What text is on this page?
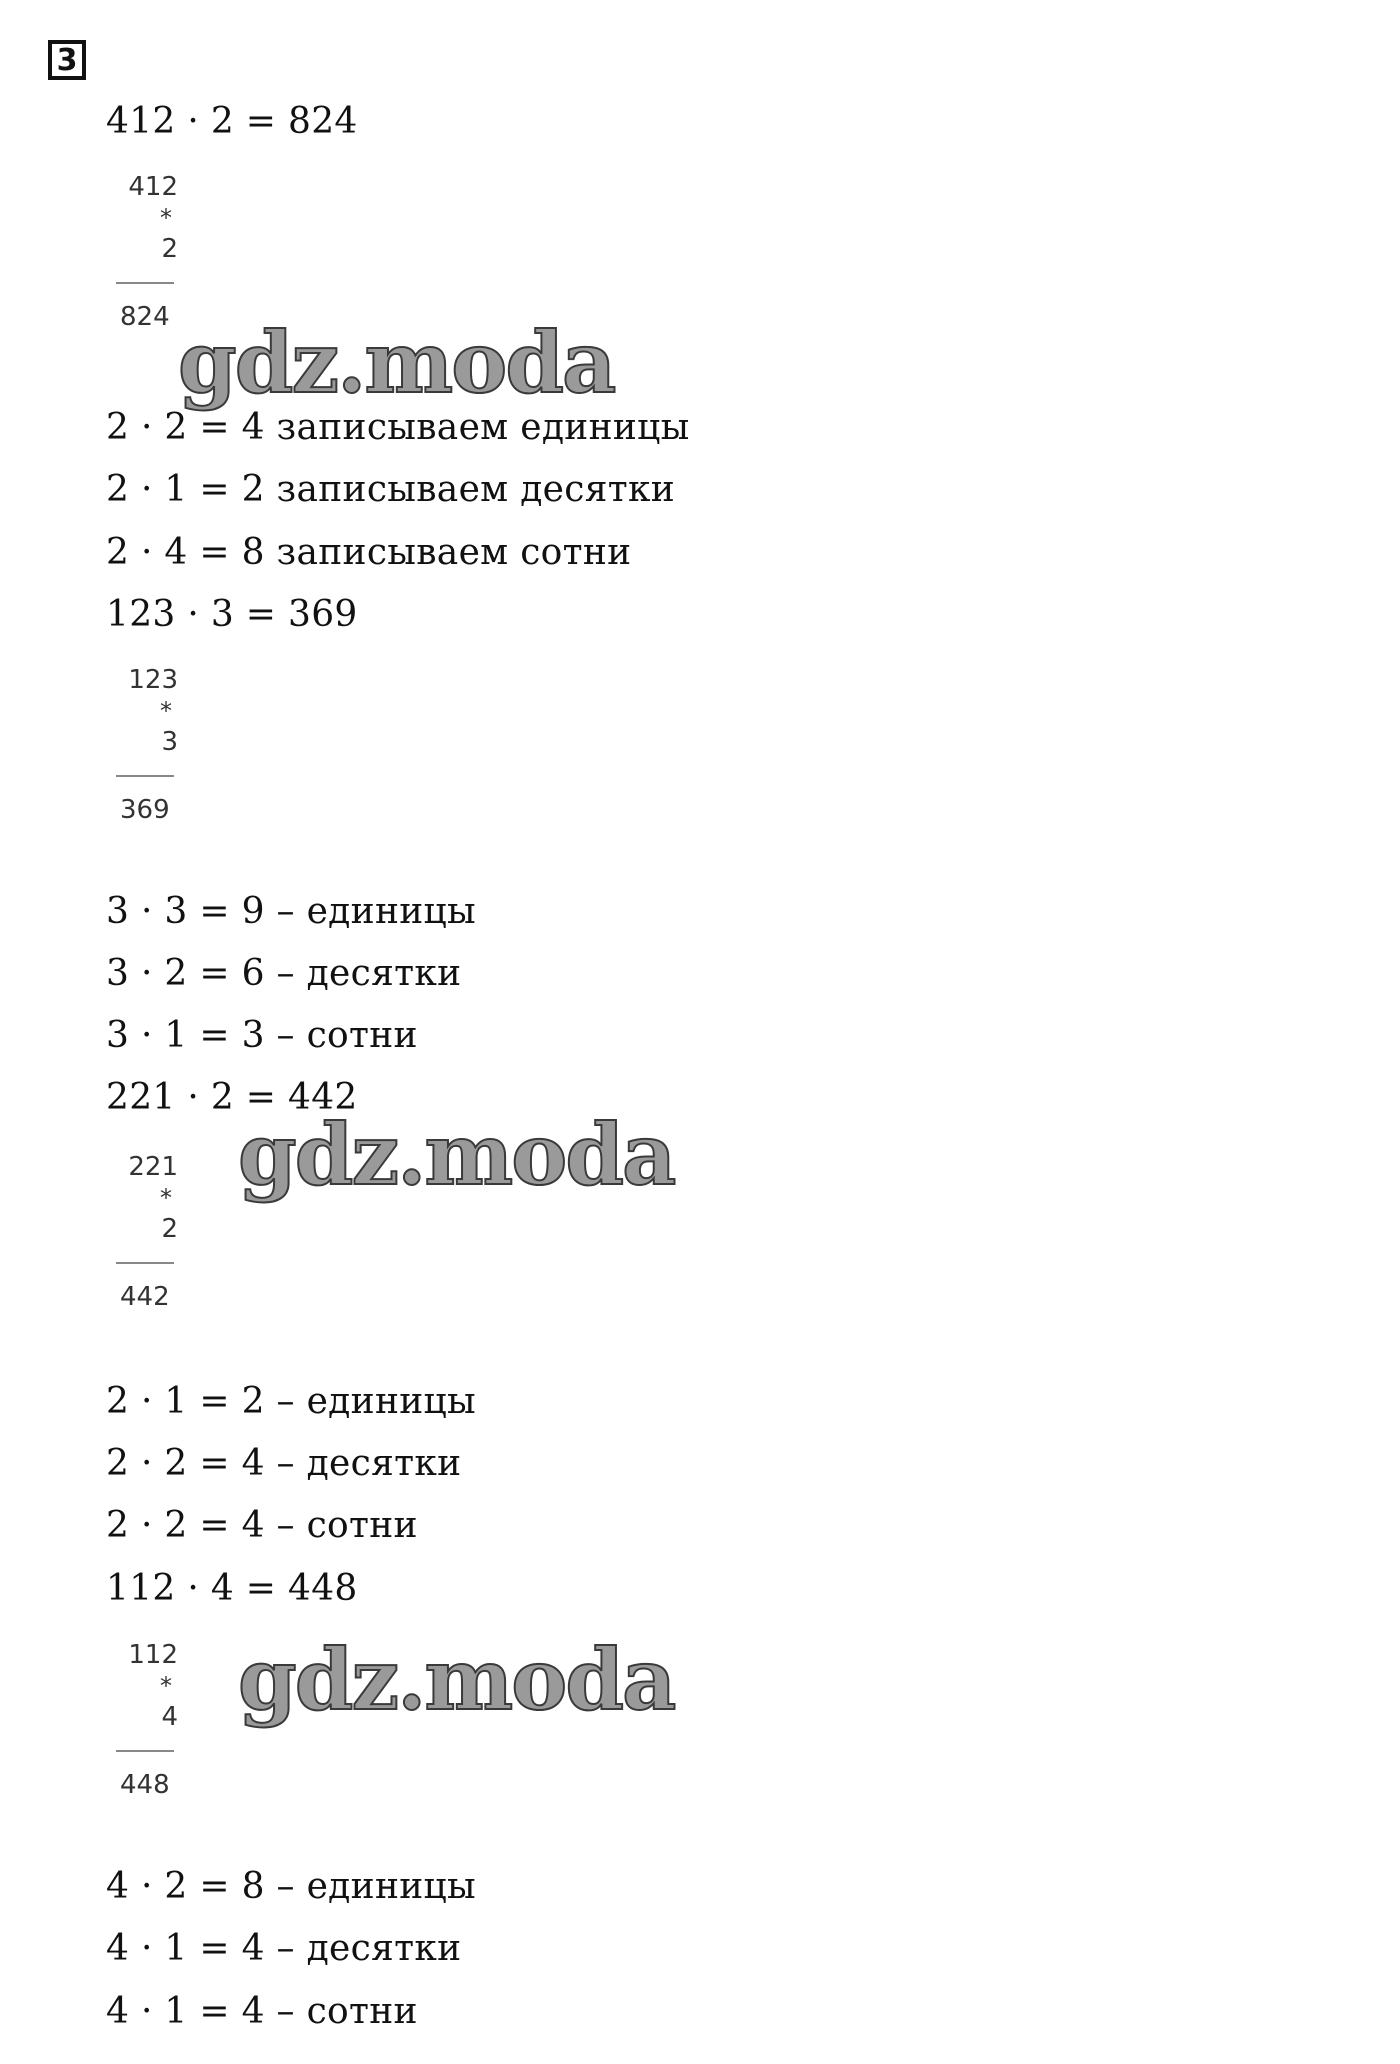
3
412 · 2 = 824
412
*
2
824
2 · 2 = 4 записываем единицы
2 · 1 = 2 записываем десятки
2 · 4 = 8 записываем сотни
123 · 3 = 369
123
*
3
369
3 · 3 = 9 – единицы
3 · 2 = 6 – десятки
3 · 1 = 3 – сотни
221 · 2 = 442
221
*
2
442
2 · 1 = 2 – единицы
2 · 2 = 4 – десятки
2 · 2 = 4 – сотни
112 · 4 = 448
112
*
4
448
4 · 2 = 8 – единицы
4 · 1 = 4 – десятки
4 · 1 = 4 – сотни
gdz.moda
gdz.moda
gdz.moda
